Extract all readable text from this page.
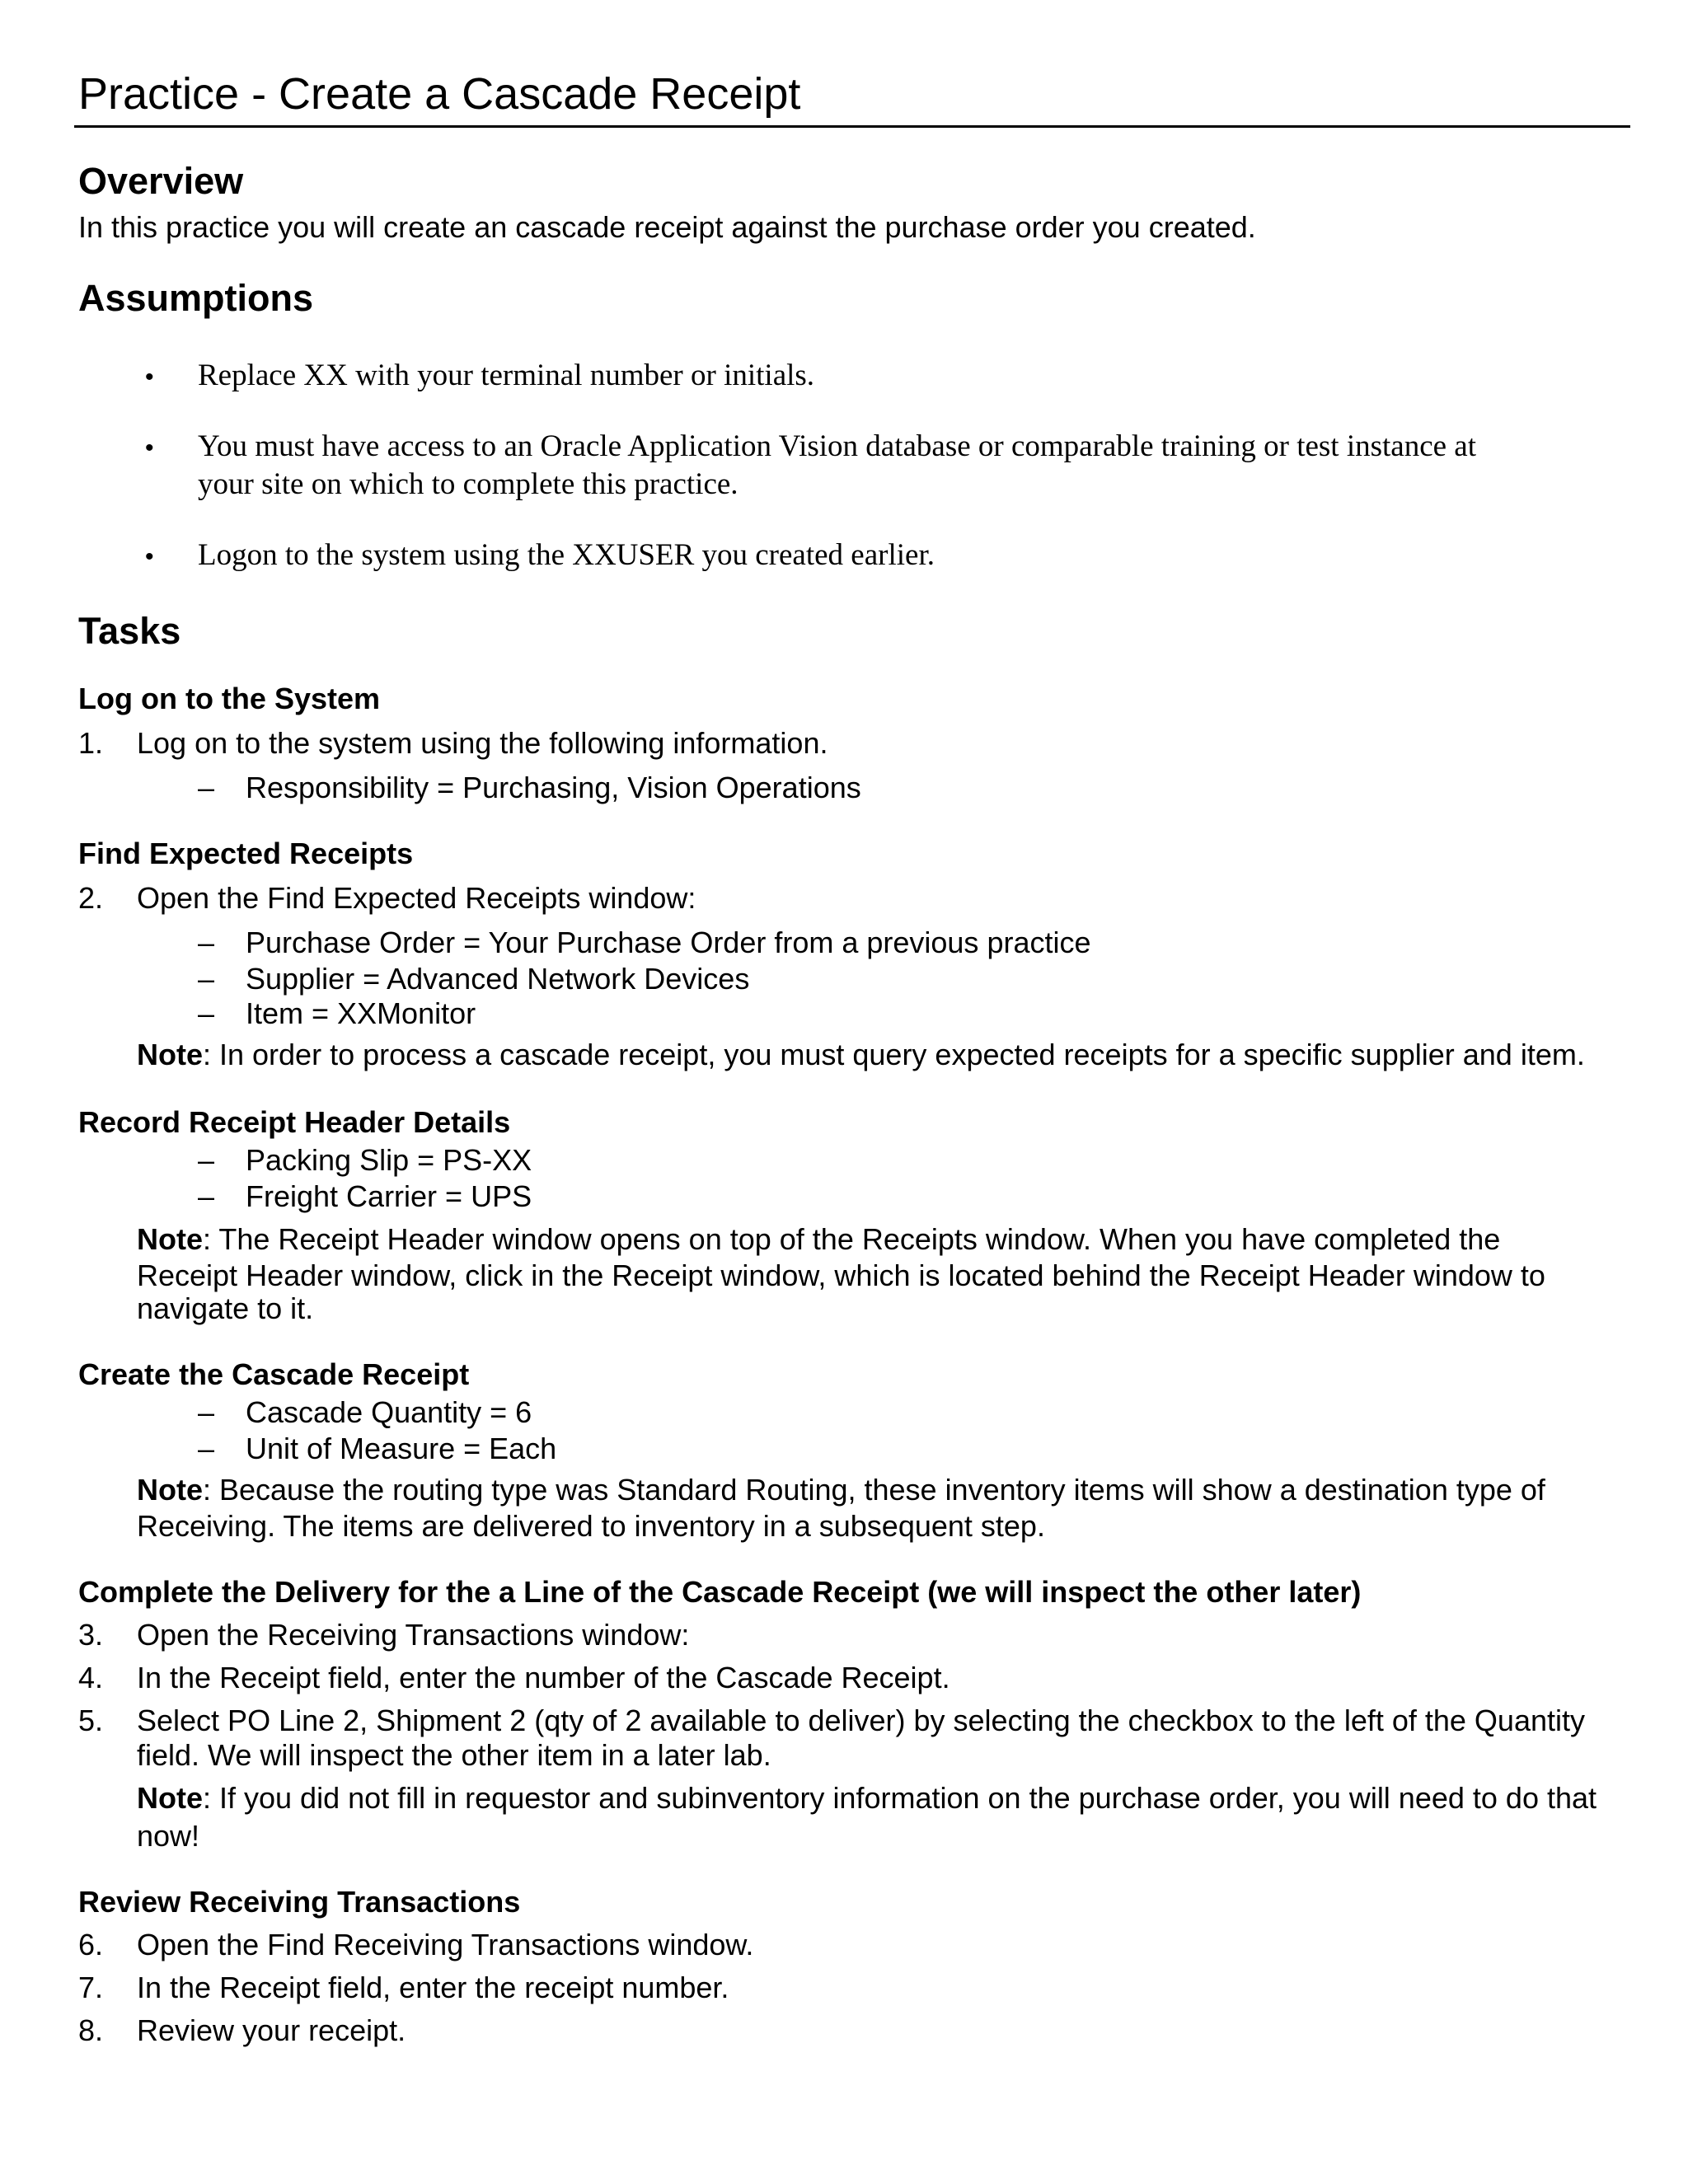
Practice - Create a Cascade Receipt
Overview
In this practice you will create an cascade receipt against the purchase order you created.
Assumptions
• Replace XX with your terminal number or initials.
• You must have access to an Oracle Application Vision database or comparable training or test instance at
your site on which to complete this practice.
• Logon to the system using the XXUSER you created earlier.
Tasks
Log on to the System
1. Log on to the system using the following information.
– Responsibility = Purchasing, Vision Operations
Find Expected Receipts
2. Open the Find Expected Receipts window:
– Purchase Order = Your Purchase Order from a previous practice
– Supplier = Advanced Network Devices
– Item = XXMonitor
Note: In order to process a cascade receipt, you must query expected receipts for a specific supplier and item.
Record Receipt Header Details
– Packing Slip = PS-XX
– Freight Carrier = UPS
Note: The Receipt Header window opens on top of the Receipts window. When you have completed the
Receipt Header window, click in the Receipt window, which is located behind the Receipt Header window to
navigate to it.
Create the Cascade Receipt
– Cascade Quantity = 6
– Unit of Measure = Each
Note: Because the routing type was Standard Routing, these inventory items will show a destination type of
Receiving. The items are delivered to inventory in a subsequent step.
Complete the Delivery for the a Line of the Cascade Receipt (we will inspect the other later)
3. Open the Receiving Transactions window:
4. In the Receipt field, enter the number of the Cascade Receipt.
5. Select PO Line 2, Shipment 2 (qty of 2 available to deliver) by selecting the checkbox to the left of the Quantity
field. We will inspect the other item in a later lab.
Note: If you did not fill in requestor and subinventory information on the purchase order, you will need to do that
now!
Review Receiving Transactions
6. Open the Find Receiving Transactions window.
7. In the Receipt field, enter the receipt number.
8. Review your receipt.
